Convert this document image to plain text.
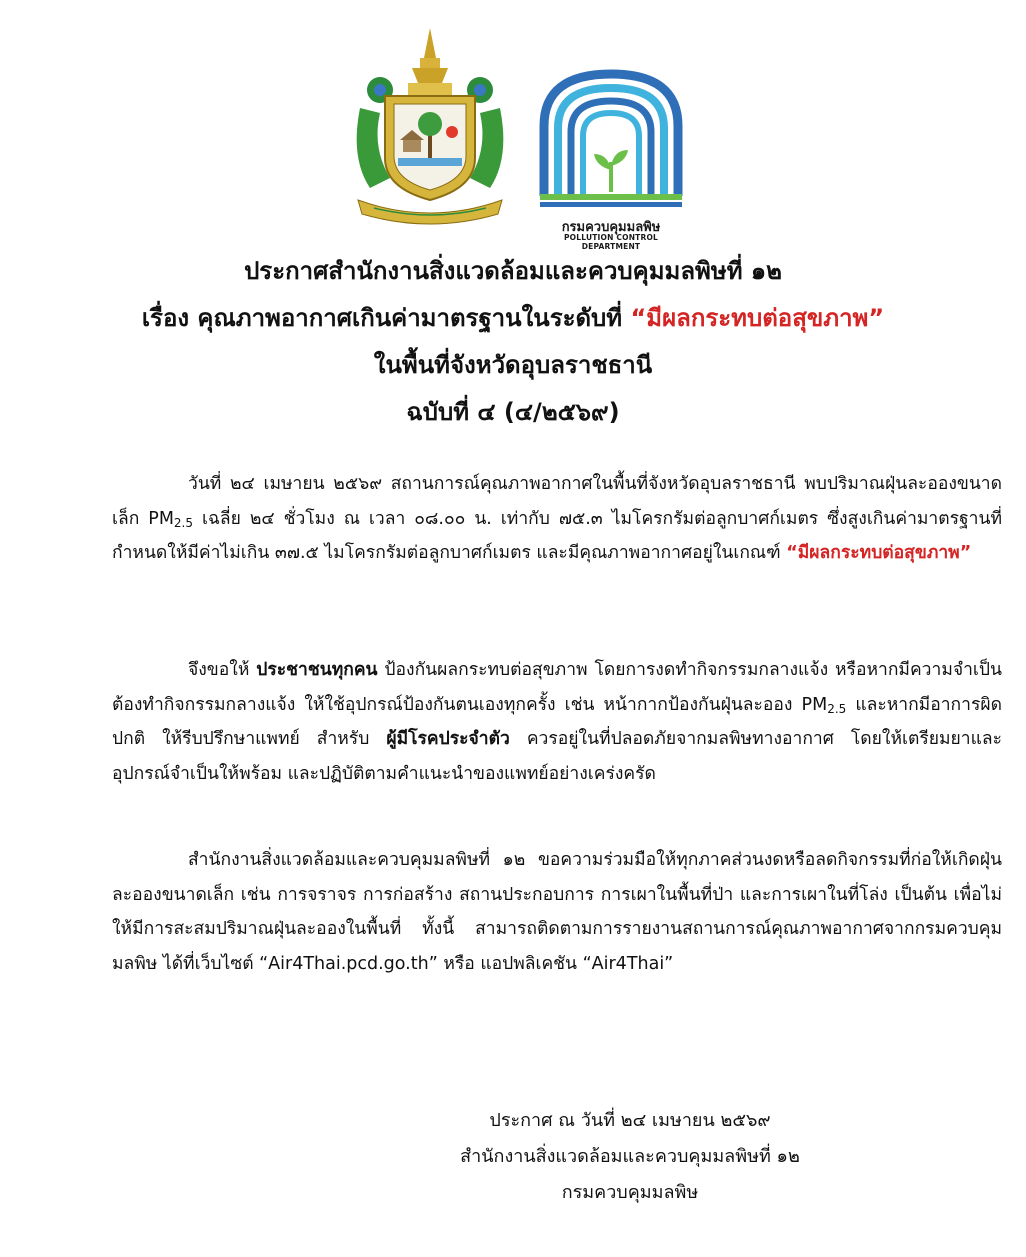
กรมควบคุมมลพิษ
POLLUTION CONTROL DEPARTMENT
ประกาศสำนักงานสิ่งแวดล้อมและควบคุมมลพิษที่ ๑๒
เรื่อง คุณภาพอากาศเกินค่ามาตรฐานในระดับที่ “มีผลกระทบต่อสุขภาพ”
ในพื้นที่จังหวัดอุบลราชธานี
ฉบับที่ ๔ (๔/๒๕๖๙)

วันที่ ๒๔ เมษายน ๒๕๖๙ สถานการณ์คุณภาพอากาศในพื้นที่จังหวัดอุบลราชธานี พบปริมาณฝุ่นละอองขนาดเล็ก $PM_{2.5}$ เฉลี่ย ๒๔ ชั่วโมง ณ เวลา ๐๘.๐๐ น. เท่ากับ ๗๕.๓ ไมโครกรัมต่อลูกบาศก์เมตร ซึ่งสูงเกินค่ามาตรฐานที่กำหนดให้มีค่าไม่เกิน ๓๗.๕ ไมโครกรัมต่อลูกบาศก์เมตร และมีคุณภาพอากาศอยู่ในเกณฑ์ “มีผลกระทบต่อสุขภาพ”

จึงขอให้ ประชาชนทุกคน ป้องกันผลกระทบต่อสุขภาพ โดยการงดทำกิจกรรมกลางแจ้ง หรือหากมีความจำเป็นต้องทำกิจกรรมกลางแจ้ง ให้ใช้อุปกรณ์ป้องกันตนเองทุกครั้ง เช่น หน้ากากป้องกันฝุ่นละออง $PM_{2.5}$ และหากมีอาการผิดปกติ ให้รีบปรึกษาแพทย์ สำหรับ ผู้มีโรคประจำตัว ควรอยู่ในที่ปลอดภัยจากมลพิษทางอากาศ โดยให้เตรียมยาและอุปกรณ์จำเป็นให้พร้อม และปฏิบัติตามคำแนะนำของแพทย์อย่างเคร่งครัด

สำนักงานสิ่งแวดล้อมและควบคุมมลพิษที่ ๑๒ ขอความร่วมมือให้ทุกภาคส่วนงดหรือลดกิจกรรมที่ก่อให้เกิดฝุ่นละอองขนาดเล็ก เช่น การจราจร การก่อสร้าง สถานประกอบการ การเผาในพื้นที่ป่า และการเผาในที่โล่ง เป็นต้น เพื่อไม่ให้มีการสะสมปริมาณฝุ่นละอองในพื้นที่ ทั้งนี้ สามารถติดตามการรายงานสถานการณ์คุณภาพอากาศจากกรมควบคุมมลพิษ ได้ที่เว็บไซต์ “Air4Thai.pcd.go.th” หรือ แอปพลิเคชัน “Air4Thai”

ประกาศ ณ วันที่ ๒๔ เมษายน ๒๕๖๙
สำนักงานสิ่งแวดล้อมและควบคุมมลพิษที่ ๑๒
กรมควบคุมมลพิษ
